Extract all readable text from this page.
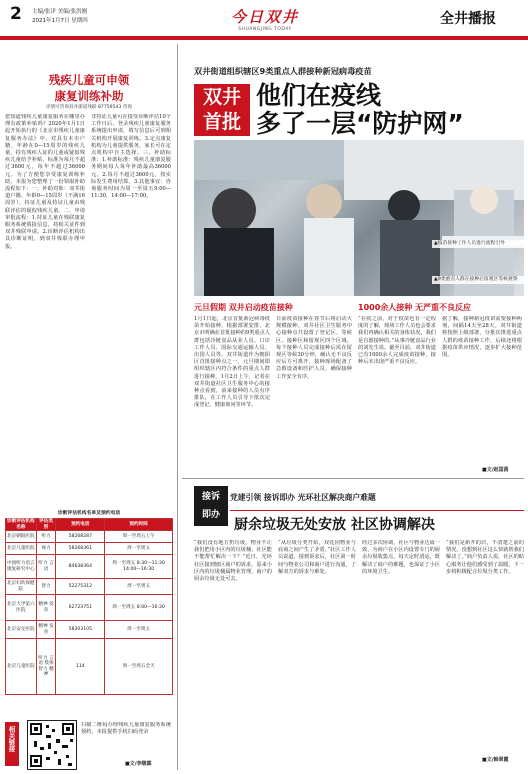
2 主编/张洋 美编/张洪刚
2021年1月7日 星期四	今日双井
SHUANGJING TODAY
全井播报
残疾儿童可申领
康复训练补助
详情可咨询双井街道残联 87759543 咨询
您知道残疾儿童康复服务在哪里办理有政策补贴吗？2020年1月1日起开始执行的《北京市残疾儿童康复服务办法》中，对具有本市户籍、年龄在0—15周岁的残疾儿童，持有残疾人证的儿童或疑似残疾儿童给予补贴，标准为每月不超过3600元，每年不超过36000元。为了方便您享受康复训练补助，本报为您整理了一份领取补助流程如下：一、补助对象：双井街道户籍、年龄0—15周岁（不满16周岁），持证儿童及持证儿童由残联评估的疑似残疾儿童。二、申请审批流程：1.持证儿童在残联康复服务系统填报信息，持相关证件到双井残联申请。2.诊断评估机构出具诊断证明，到双井残联办理申报。
非持证儿童可在接受诊断评估10个工作日后，登录残疾儿童康复服务系统提出申请，填写信息后可到相关机构开展康复训练。3.定点康复机构为儿童提供服务，家长可在定点机构中自主选择。三、补助标准：1.补助标准：残疾儿童康复服务期间每人每年补助最高36000元。2.每月不超过3600元，按实际发生费用结算。3.其他事宜：咨询服务时间为周一至周五9:00—11:30，14:00—17:00。
诊断评估机构名单及预约电话
诊断评估机构名称	评估类别	预约电话	预约时间
北京朝阳医院	听力	58268287	周一至周五上午
北京儿童医院	视力	58268361	周一至周五
中国听力语言康复研究中心	听力 言语	84638364	周一至周五 8:30—11:30 14:00—16:30
北京妇幼保健院	智力	52275312	周一至周五
北京大学第六医院	精神 发育	62723751	周一至周五 8:00—16:30
北京安定医院	精神 发育	58303105	周一至周五
北京儿童医院	听力 言语 肢体 智力 精神	114	周一至周五全天
相关链接
扫描二维码办理残疾儿童康复服务系统预约，本报提供手机扫码登录
■文/李继霖
双井街道组织辖区9类重点人群接种新冠病毒疫苗
双井
首批
他们在疫线
多了一层“防护网”
▲疫苗接种工作人员进行流程引导
▲9类重点人群在接种后留观区等候观察
元旦假期 双井启动疫苗接种	1000余人接种 无严重不良反应
1月1日起，北京首批新冠病毒疫苗开始接种，根据部署安排，北京市明确在首批接种的9类重点人群包括冷链食品从业人员、口岸工作人员、国际交通运输人员、出国人员等。双井街道作为朝阳区首批接种点之一，元旦期间即组织辖区内符合条件的重点人群进行接种。1月2日上午，记者在双井街道社区卫生服务中心的接种点看到，前来接种的人员有序排队，在工作人员引导下依次完成登记、健康询问等环节。
日前疫苗接种在春节后将启动大规模接种。双井社区卫生服务中心接种点共设置了登记区、等候区、接种区和留观区四个区域，每个接种人员完成接种后需在留观区等候30分钟，确认无不良反应后方可离开。接种现场配备了急救设备和医护人员，确保接种工作安全有序。
“在疫之前，对于疫苗也有一定程度的了解，现场工作人员也会要求我们再确认相关的身体状况，我们是自愿接种的。”从事冷链食品行业的刘先生说。截至目前，双井街道已有1000余人完成疫苗接种，接种后未出现严重不良反应。
据了解，接种新冠疫苗需要接种两剂，间隔14天至28天。双井街道将按照上级部署，分批次推进重点人群的疫苗接种工作，后续还将根据疫苗供应情况，逐步扩大接种范围。
■文/赵国茵
党建引领 接诉即办 光环社区解决商户难题
接诉
即办
厨余垃圾无处安放 社区协调解决
“我们没有地方扔垃圾，物业不让我们把用小区内的垃圾桶，社区能不能帮忙解决一下？”近日，光环社区接到辖区商户的诉求，原来小区内的垃圾桶属物业管理，商户的厨余垃圾无处可去。
“从垃圾分类开始，双花园物业与底商之间产生了矛盾。”社区工作人员说道，接到诉求后，社区第一时间与物业公司和商户进行沟通，了解双方的诉求与难处。
经过多次协调，社区与物业达成一致，为商户在小区内设置专门的厨余垃圾收集点，每天定时清运，既解决了商户的难题，也保证了小区的环境卫生。
“我们是新开的店，不清楚之前的情况，没想到社区这么快就帮我们解决了。”商户负责人说，社区的贴心服务让他们感受到了温暖，下一步将积极配合垃圾分类工作。
■文/韩翠霞
